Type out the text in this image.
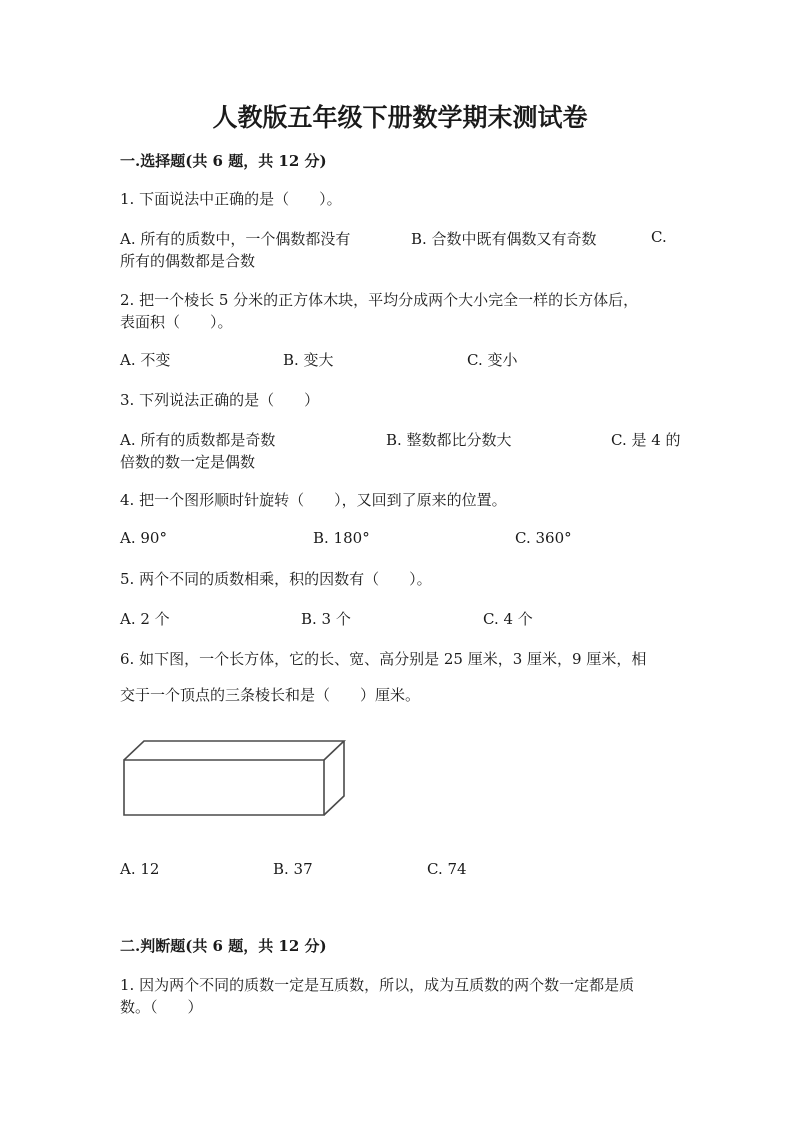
人教版五年级下册数学期末测试卷
一.选择题(共 6 题，共 12 分)
1. 下面说法中正确的是（　　）。
A. 所有的质数中，一个偶数都没有	B. 合数中既有偶数又有奇数	C.
所有的偶数都是合数
2. 把一个棱长 5 分米的正方体木块，平均分成两个大小完全一样的长方体后，
表面积（　　）。
A. 不变	B. 变大	C. 变小
3. 下列说法正确的是（　　）
A. 所有的质数都是奇数	B. 整数都比分数大	C. 是 4 的
倍数的数一定是偶数
4. 把一个图形顺时针旋转（　　），又回到了原来的位置。
A. 90°	B. 180°	C. 360°
5. 两个不同的质数相乘，积的因数有（　　）。
A. 2 个	B. 3 个	C. 4 个
6. 如下图，一个长方体，它的长、宽、高分别是 25 厘米，3 厘米，9 厘米，相
交于一个顶点的三条棱长和是（　　）厘米。
A. 12	B. 37	C. 74
二.判断题(共 6 题，共 12 分)
1. 因为两个不同的质数一定是互质数，所以，成为互质数的两个数一定都是质
数。（　　）
